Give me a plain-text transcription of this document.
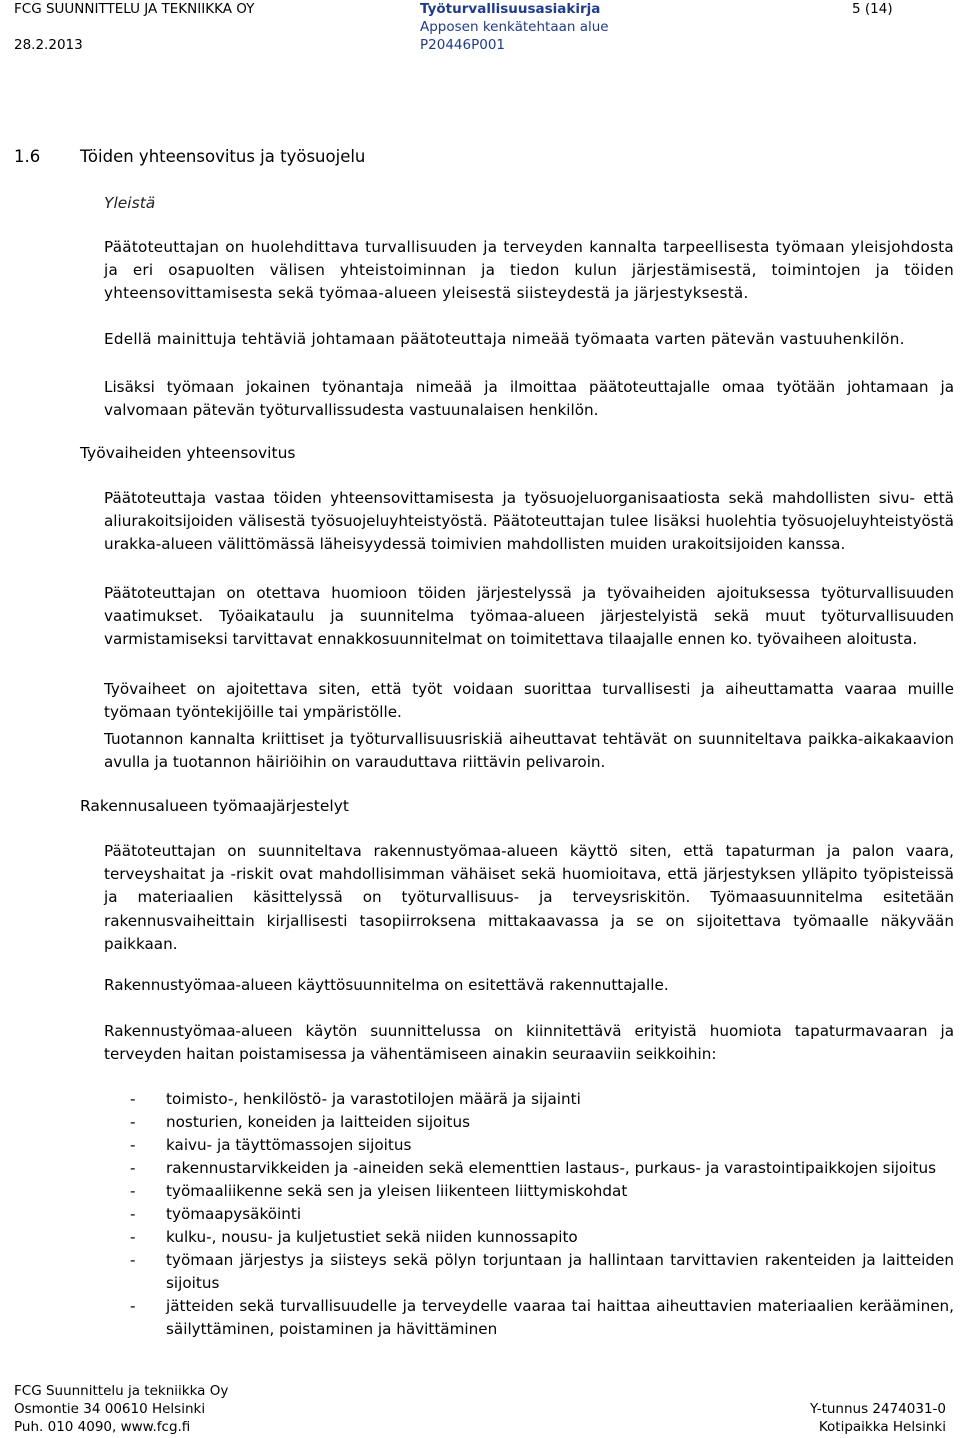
FCG SUUNNITTELU JA TEKNIIKKA OY
28.2.2013
Työturvallisuusasiakirja
Apposen kenkätehtaan alue
P20446P001
5 (14)
1.6 Töiden yhteensovitus ja työsuojelu
Yleistä
Päätoteuttajan on huolehdittava turvallisuuden ja terveyden kannalta tarpeellisesta työmaan yleisjohdosta ja eri osapuolten välisen yhteistoiminnan ja tiedon kulun järjestämisestä, toimintojen ja töiden yhteensovittamisesta sekä työmaa-alueen yleisestä siisteydestä ja järjestyksestä.
Edellä mainittuja tehtäviä johtamaan päätoteuttaja nimeää työmaata varten pätevän vastuuhenkilön.
Lisäksi työmaan jokainen työnantaja nimeää ja ilmoittaa päätoteuttajalle omaa työtään johtamaan ja valvomaan pätevän työturvallissudesta vastuunalaisen henkilön.
Työvaiheiden yhteensovitus
Päätoteuttaja vastaa töiden yhteensovittamisesta ja työsuojeluorganisaatiosta sekä mahdollisten sivu- että aliurakoitsijoiden välisestä työsuojeluyhteistyöstä. Päätoteuttajan tulee lisäksi huolehtia työsuojeluyhteistyöstä urakka-alueen välittömässä läheisyydessä toimivien mahdollisten muiden urakoitsijoiden kanssa.
Päätoteuttajan on otettava huomioon töiden järjestelyssä ja työvaiheiden ajoituksessa työturvallisuuden vaatimukset. Työaikataulu ja suunnitelma työmaa-alueen järjestelyistä sekä muut työturvallisuuden varmistamiseksi tarvittavat ennakkosuunnitelmat on toimitettava tilaajalle ennen ko. työvaiheen aloitusta.
Työvaiheet on ajoitettava siten, että työt voidaan suorittaa turvallisesti ja aiheuttamatta vaaraa muille työmaan työntekijöille tai ympäristölle.
Tuotannon kannalta kriittiset ja työturvallisuusriskiä aiheuttavat tehtävät on suunniteltava paikka-aikakaavion avulla ja tuotannon häiriöihin on varauduttava riittävin pelivaroin.
Rakennusalueen työmaajärjestelyt
Päätoteuttajan on suunniteltava rakennustyömaa-alueen käyttö siten, että tapaturman ja palon vaara, terveyshaitat ja -riskit ovat mahdollisimman vähäiset sekä huomioitava, että järjestyksen ylläpito työpisteissä ja materiaalien käsittelyssä on työturvallisuus- ja terveysriskitön. Työmaasuunnitelma esitetään rakennusvaiheittain kirjallisesti tasopiirroksena mittakaavassa ja se on sijoitettava työmaalle näkyvään paikkaan.
Rakennustyömaa-alueen käyttösuunnitelma on esitettävä rakennuttajalle.
Rakennustyömaa-alueen käytön suunnittelussa on kiinnitettävä erityistä huomiota tapaturmavaaran ja terveyden haitan poistamisessa ja vähentämiseen ainakin seuraaviin seikkoihin:
- toimisto-, henkilöstö- ja varastotilojen määrä ja sijainti
- nosturien, koneiden ja laitteiden sijoitus
- kaivu- ja täyttömassojen sijoitus
- rakennustarvikkeiden ja -aineiden sekä elementtien lastaus-, purkaus- ja varastointipaikkojen sijoitus
- työmaaliikenne sekä sen ja yleisen liikenteen liittymiskohdat
- työmaapysäköinti
- kulku-, nousu- ja kuljetustiet sekä niiden kunnossapito
- työmaan järjestys ja siisteys sekä pölyn torjuntaan ja hallintaan tarvittavien rakenteiden ja laitteiden sijoitus
- jätteiden sekä turvallisuudelle ja terveydelle vaaraa tai haittaa aiheuttavien materiaalien kerääminen, säilyttäminen, poistaminen ja hävittäminen
FCG Suunnittelu ja tekniikka Oy
Osmontie 34 00610 Helsinki
Puh. 010 4090, www.fcg.fi
Y-tunnus 2474031-0
Kotipaikka Helsinki
